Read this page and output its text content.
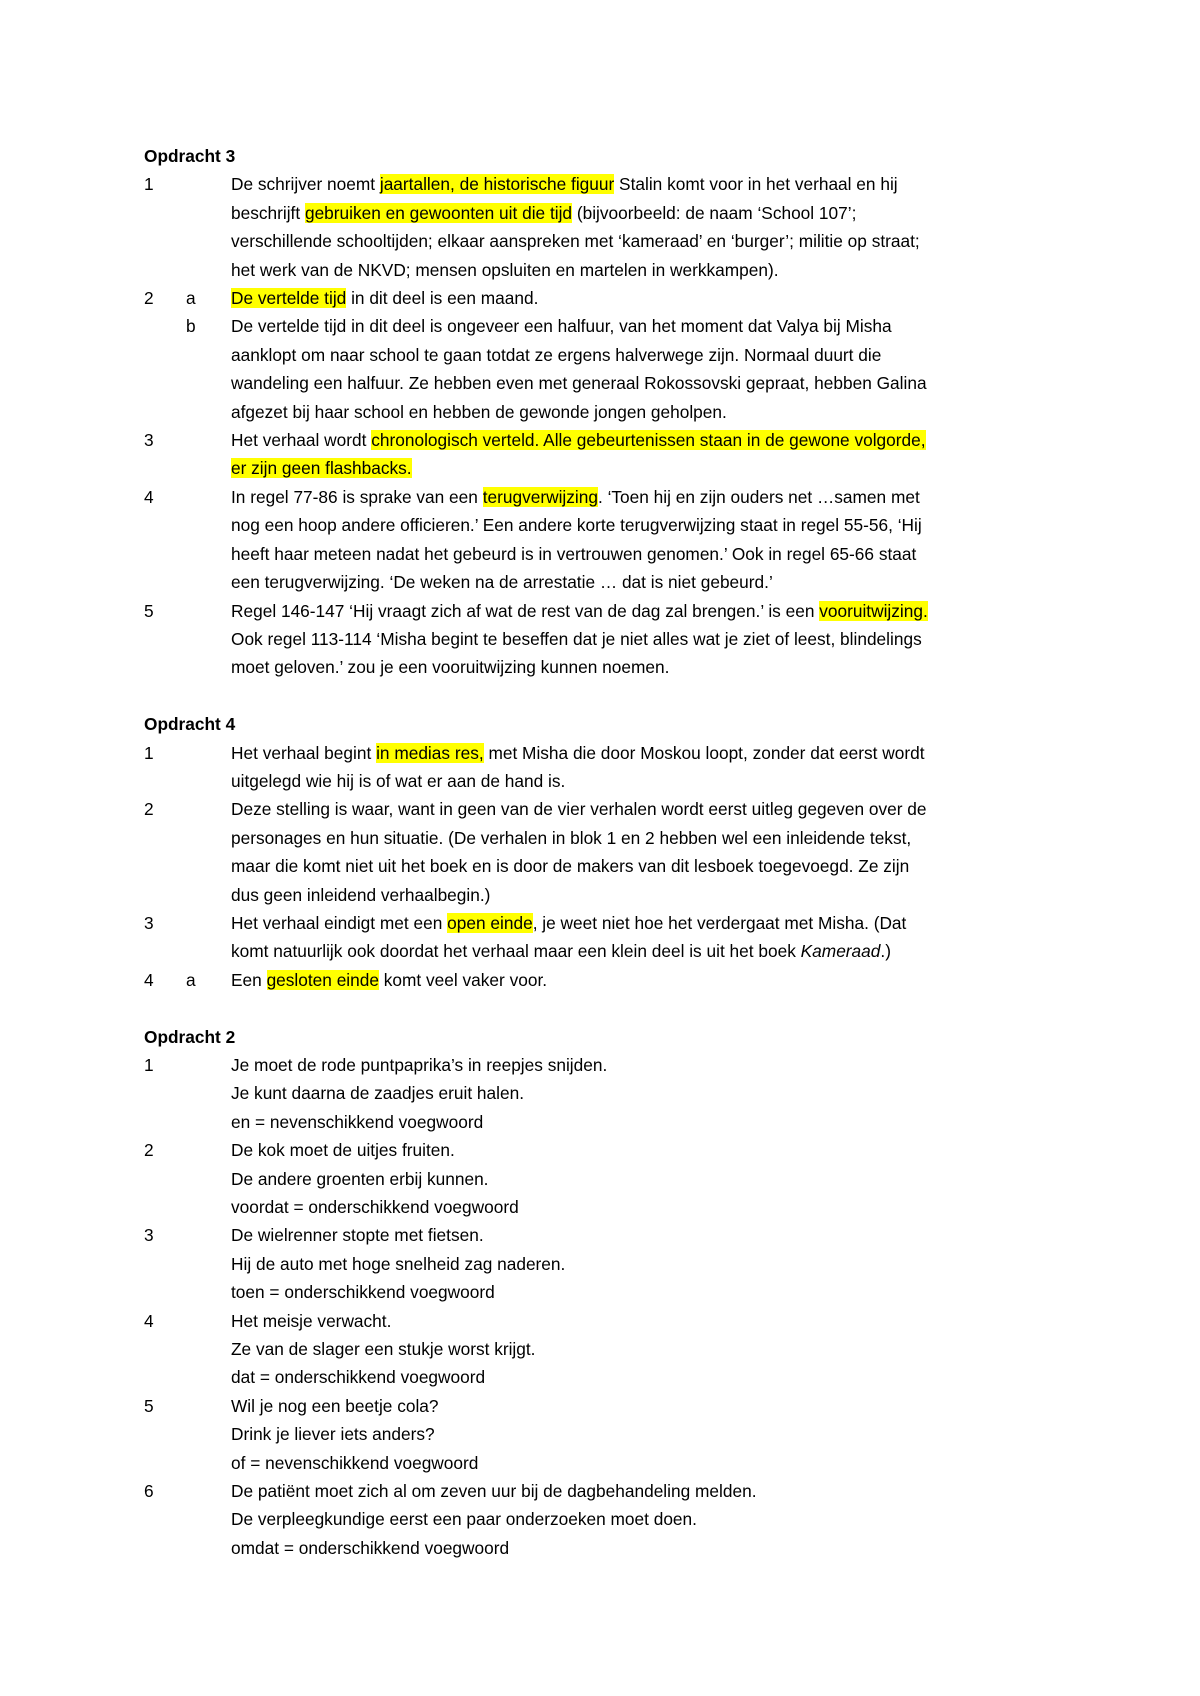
Opdracht 3
1	De schrijver noemt jaartallen, de historische figuur Stalin komt voor in het verhaal en hij
beschrijft gebruiken en gewoonten uit die tijd (bijvoorbeeld: de naam ‘School 107’;
verschillende schooltijden; elkaar aanspreken met ‘kameraad’ en ‘burger’; militie op straat;
het werk van de NKVD; mensen opsluiten en martelen in werkkampen).
2	a	De vertelde tijd in dit deel is een maand.
b	De vertelde tijd in dit deel is ongeveer een halfuur, van het moment dat Valya bij Misha
aanklopt om naar school te gaan totdat ze ergens halverwege zijn. Normaal duurt die
wandeling een halfuur. Ze hebben even met generaal Rokossovski gepraat, hebben Galina
afgezet bij haar school en hebben de gewonde jongen geholpen.
3	Het verhaal wordt chronologisch verteld. Alle gebeurtenissen staan in de gewone volgorde,
er zijn geen flashbacks.
4	In regel 77-86 is sprake van een terugverwijzing. ‘Toen hij en zijn ouders net …samen met
nog een hoop andere officieren.’ Een andere korte terugverwijzing staat in regel 55-56, ‘Hij
heeft haar meteen nadat het gebeurd is in vertrouwen genomen.’ Ook in regel 65-66 staat
een terugverwijzing. ‘De weken na de arrestatie … dat is niet gebeurd.’
5	Regel 146-147 ‘Hij vraagt zich af wat de rest van de dag zal brengen.’ is een vooruitwijzing.
Ook regel 113-114 ‘Misha begint te beseffen dat je niet alles wat je ziet of leest, blindelings
moet geloven.’ zou je een vooruitwijzing kunnen noemen.
Opdracht 4
1	Het verhaal begint in medias res, met Misha die door Moskou loopt, zonder dat eerst wordt
uitgelegd wie hij is of wat er aan de hand is.
2	Deze stelling is waar, want in geen van de vier verhalen wordt eerst uitleg gegeven over de
personages en hun situatie. (De verhalen in blok 1 en 2 hebben wel een inleidende tekst,
maar die komt niet uit het boek en is door de makers van dit lesboek toegevoegd. Ze zijn
dus geen inleidend verhaalbegin.)
3	Het verhaal eindigt met een open einde, je weet niet hoe het verdergaat met Misha. (Dat
komt natuurlijk ook doordat het verhaal maar een klein deel is uit het boek Kameraad.)
4	a	Een gesloten einde komt veel vaker voor.
Opdracht 2
1	Je moet de rode puntpaprika’s in reepjes snijden.
Je kunt daarna de zaadjes eruit halen.
en = nevenschikkend voegwoord
2	De kok moet de uitjes fruiten.
De andere groenten erbij kunnen.
voordat = onderschikkend voegwoord
3	De wielrenner stopte met fietsen.
Hij de auto met hoge snelheid zag naderen.
toen = onderschikkend voegwoord
4	Het meisje verwacht.
Ze van de slager een stukje worst krijgt.
dat = onderschikkend voegwoord
5	Wil je nog een beetje cola?
Drink je liever iets anders?
of = nevenschikkend voegwoord
6	De patiënt moet zich al om zeven uur bij de dagbehandeling melden.
De verpleegkundige eerst een paar onderzoeken moet doen.
omdat = onderschikkend voegwoord
